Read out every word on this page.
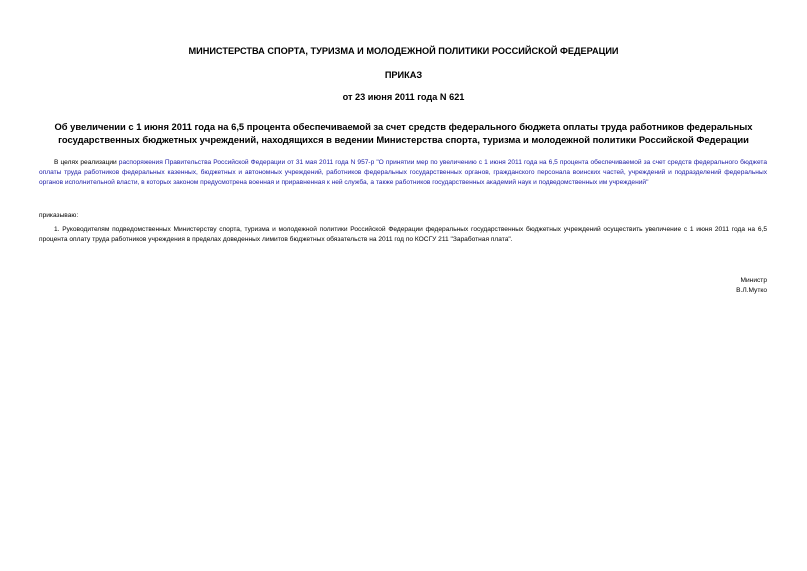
МИНИСТЕРСТВА СПОРТА, ТУРИЗМА И МОЛОДЕЖНОЙ ПОЛИТИКИ РОССИЙСКОЙ ФЕДЕРАЦИИ
ПРИКАЗ
от 23 июня 2011 года N 621
Об увеличении с 1 июня 2011 года на 6,5 процента обеспечиваемой за счет средств федерального бюджета оплаты труда работников федеральных государственных бюджетных учреждений, находящихся в ведении Министерства спорта, туризма и молодежной политики Российской Федерации
В целях реализации распоряжения Правительства Российской Федерации от 31 мая 2011 года N 957-р "О принятии мер по увеличению с 1 июня 2011 года на 6,5 процента обеспечиваемой за счет средств федерального бюджета оплаты труда работников федеральных казенных, бюджетных и автономных учреждений, работников федеральных государственных органов, гражданского персонала воинских частей, учреждений и подразделений федеральных органов исполнительной власти, в которых законом предусмотрена военная и приравненная к ней служба, а также работников государственных академий наук и подведомственных им учреждений"
приказываю:
1. Руководителям подведомственных Министерству спорта, туризма и молодежной политики Российской Федерации федеральных государственных бюджетных учреждений осуществить увеличение с 1 июня 2011 года на 6,5 процента оплату труда работников учреждения в пределах доведенных лимитов бюджетных обязательств на 2011 год по КОСГУ 211 "Заработная плата".
Министр
В.Л.Мутко
